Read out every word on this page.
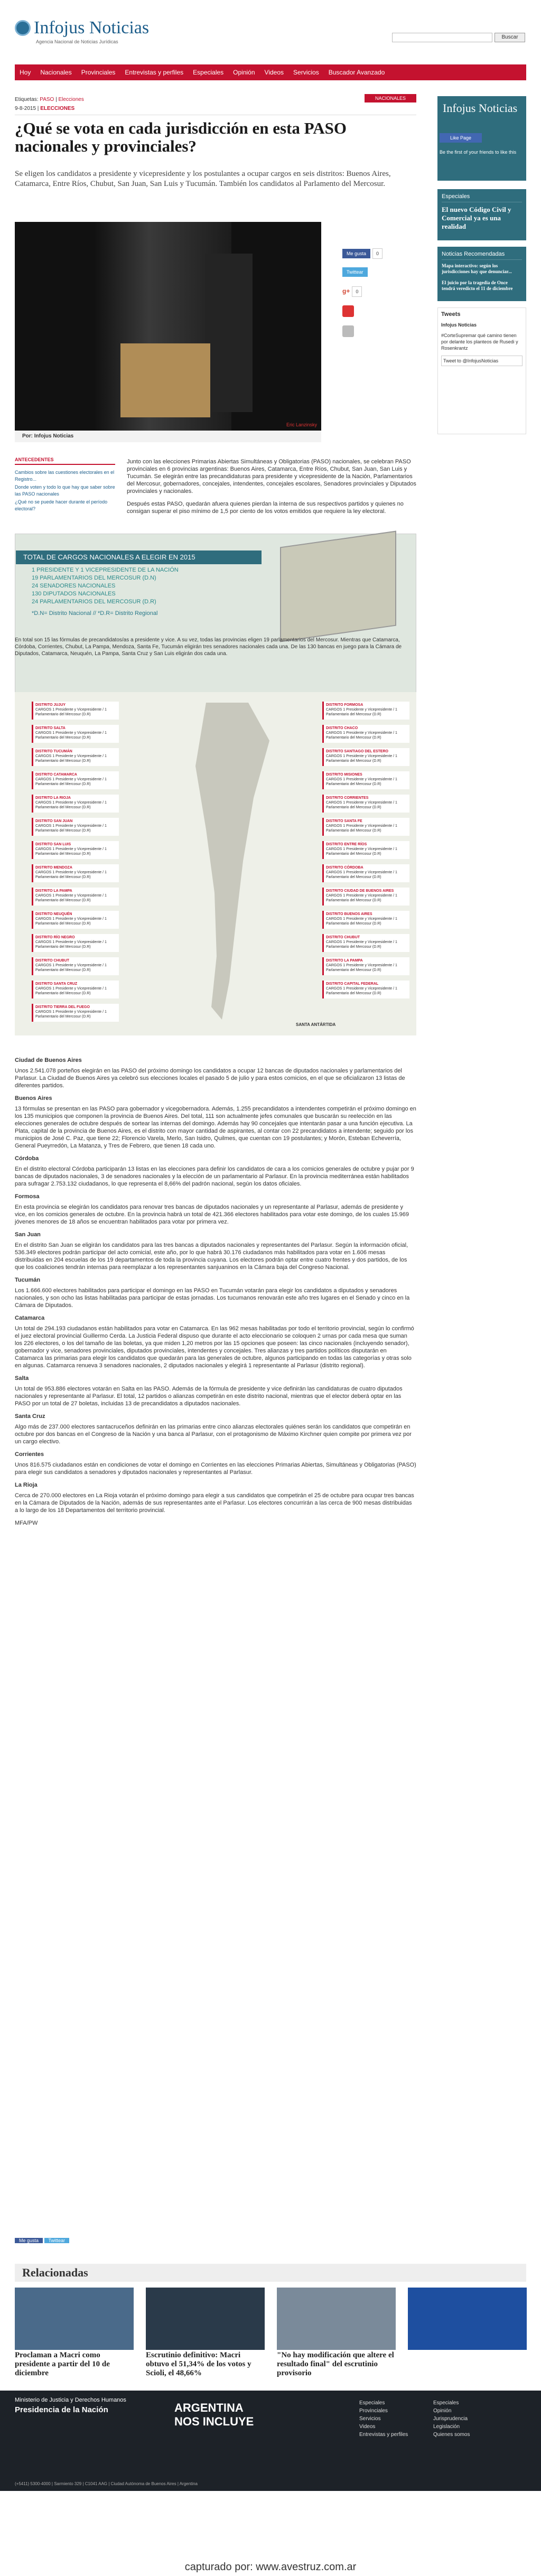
Infojus Noticias
Agencia Nacional de Noticias Jurídicas
Buscar
Hoy Nacionales Provinciales Entrevistas y perfiles Especiales Opinión Videos Servicios Buscador Avanzado
Etiquetas: PASO | Elecciones	NACIONALES
9-8-2015 | ELECCIONES
¿Qué se vota en cada jurisdicción en esta PASO nacionales y provinciales?
Se eligen los candidatos a presidente y vicepresidente y los postulantes a ocupar cargos en seis distritos: Buenos Aires, Catamarca, Entre Ríos, Chubut, San Juan, San Luis y Tucumán. También los candidatos al Parlamento del Mercosur.
Eric Lanzinsky
Por: Infojus Noticias
Me gusta 0
Twittear
g+ 0
ANTECEDENTES

Cambios sobre las cuestiones electorales en el Registro...

Donde voten y todo lo que hay que saber sobre las PASO nacionales

¿Qué no se puede hacer durante el período electoral?

Junto con las elecciones Primarias Abiertas Simultáneas y Obligatorias (PASO) nacionales, se celebran PASO provinciales en 6 provincias argentinas: Buenos Aires, Catamarca, Entre Ríos, Chubut, San Juan, San Luis y Tucumán. Se elegirán entre las precandidaturas para presidente y vicepresidente de la Nación, Parlamentarios del Mercosur, gobernadores, concejales, intendentes, concejales escolares, Senadores provinciales y Diputados provinciales y nacionales.

Después estas PASO, quedarán afuera quienes pierdan la interna de sus respectivos partidos y quienes no consigan superar el piso mínimo de 1,5 por ciento de los votos emitidos que requiere la ley electoral.

TOTAL DE CARGOS NACIONALES A ELEGIR EN 2015
1 PRESIDENTE Y 1 VICEPRESIDENTE DE LA NACIÓN
19 PARLAMENTARIOS DEL MERCOSUR (D.N)
24 SENADORES NACIONALES
130 DIPUTADOS NACIONALES
24 PARLAMENTARIOS DEL MERCOSUR (D.R)
*D.N= Distrito Nacional // *D.R= Distrito Regional
En total son 15 las fórmulas de precandidatos/as a presidente y vice. A su vez, todas las provincias eligen 19 parlamentarios del Mercosur. Mientras que Catamarca, Córdoba, Corrientes, Chubut, La Pampa, Mendoza, Santa Fe, Tucumán eligirán tres senadores nacionales cada una. De las 130 bancas en juego para la Cámara de Diputados, Catamarca, Neuquén, La Pampa, Santa Cruz y San Luis eligirán dos cada una.
SANTA ANTÁRTIDA
Ciudad de Buenos Aires

Unos 2.541.078 porteños elegirán en las PASO del próximo domingo los candidatos a ocupar 12 bancas de diputados nacionales y parlamentarios del Parlasur. La Ciudad de Buenos Aires ya celebró sus elecciones locales el pasado 5 de julio y para estos comicios, en el que se oficializaron 13 listas de diferentes partidos.

Buenos Aires

13 fórmulas se presentan en las PASO para gobernador y vicegobernadora. Además, 1.255 precandidatos a intendentes competirán el próximo domingo en los 135 municipios que componen la provincia de Buenos Aires. Del total, 111 son actualmente jefes comunales que buscarán su reelección en las elecciones generales de octubre después de sortear las internas del domingo. Además hay 90 concejales que intentarán pasar a una función ejecutiva. La Plata, capital de la provincia de Buenos Aires, es el distrito con mayor cantidad de aspirantes, al contar con 22 precandidatos a intendente; seguido por los municipios de José C. Paz, que tiene 22; Florencio Varela, Merlo, San Isidro, Quilmes, que cuentan con 19 postulantes; y Morón, Esteban Echeverría, General Pueyrredón, La Matanza, y Tres de Febrero, que tienen 18 cada uno.

Córdoba

En el distrito electoral Córdoba participarán 13 listas en las elecciones para definir los candidatos de cara a los comicios generales de octubre y pujar por 9 bancas de diputados nacionales, 3 de senadores nacionales y la elección de un parlamentario al Parlasur. En la provincia mediterránea están habilitados para sufragar 2.753.132 ciudadanos, lo que representa el 8,66% del padrón nacional, según los datos oficiales.

Formosa

En esta provincia se elegirán los candidatos para renovar tres bancas de diputados nacionales y un representante al Parlasur, además de presidente y vice, en los comicios generales de octubre. En la provincia habrá un total de 421.366 electores habilitados para votar este domingo, de los cuales 15.969 jóvenes menores de 18 años se encuentran habilitados para votar por primera vez.

San Juan

En el distrito San Juan se eligirán los candidatos para las tres bancas a diputados nacionales y representantes del Parlasur. Según la información oficial, 536.349 electores podrán participar del acto comicial, este año, por lo que habrá 30.176 ciudadanos más habilitados para votar en 1.606 mesas distribuidas en 204 escuelas de los 19 departamentos de toda la provincia cuyana. Los electores podrán optar entre cuatro frentes y dos partidos, de los que los coaliciones tendrán internas para reemplazar a los representantes sanjuaninos en la Cámara baja del Congreso Nacional.

Tucumán

Los 1.666.600 electores habilitados para participar el domingo en las PASO en Tucumán votarán para elegir los candidatos a diputados y senadores nacionales, y son ocho las listas habilitadas para participar de estas jornadas. Los tucumanos renovarán este año tres lugares en el Senado y cinco en la Cámara de Diputados.

Catamarca

Un total de 294.193 ciudadanos están habilitados para votar en Catamarca. En las 962 mesas habilitadas por todo el territorio provincial, según lo confirmó el juez electoral provincial Guillermo Cerda. La Justicia Federal dispuso que durante el acto eleccionario se coloquen 2 urnas por cada mesa que suman los 226 electores, o los del tamaño de las boletas, ya que miden 1,20 metros por las 15 opciones que poseen: las cinco nacionales (incluyendo senador), gobernador y vice, senadores provinciales, diputados provinciales, intendentes y concejales. Tres alianzas y tres partidos políticos disputarán en Catamarca las primarias para elegir los candidatos que quedarán para las generales de octubre, algunos participando en todas las categorías y otras solo en algunas. Catamarca renueva 3 senadores nacionales, 2 diputados nacionales y elegirá 1 representante al Parlasur (distrito regional).

Salta

Un total de 953.886 electores votarán en Salta en las PASO. Además de la fórmula de presidente y vice definirán las candidaturas de cuatro diputados nacionales y representante al Parlasur. El total, 12 partidos o alianzas competirán en este distrito nacional, mientras que el elector deberá optar en las PASO por un total de 27 boletas, incluidas 13 de precandidatos a diputados nacionales.

Santa Cruz

Algo más de 237.000 electores santacruceños definirán en las primarias entre cinco alianzas electorales quiénes serán los candidatos que competirán en octubre por dos bancas en el Congreso de la Nación y una banca al Parlasur, con el protagonismo de Máximo Kirchner quien compite por primera vez por un cargo electivo.

Corrientes

Unos 816.575 ciudadanos están en condiciones de votar el domingo en Corrientes en las elecciones Primarias Abiertas, Simultáneas y Obligatorias (PASO) para elegir sus candidatos a senadores y diputados nacionales y representantes al Parlasur.

La Rioja

Cerca de 270.000 electores en La Rioja votarán el próximo domingo para elegir a sus candidatos que competirán el 25 de octubre para ocupar tres bancas en la Cámara de Diputados de la Nación, además de sus representantes ante el Parlasur. Los electores concurrirán a las cerca de 900 mesas distribuidas a lo largo de los 18 Departamentos del territorio provincial.

MFA/PW

Me gusta Twittear
Relacionadas
Proclaman a Macri como presidente a partir del 10 de diciembre
Escrutinio definitivo: Macri obtuvo el 51,34% de los votos y Scioli, el 48,66%
"No hay modificación que altere el resultado final" del escrutinio provisorio
Ministerio de Justicia y Derechos Humanos
Presidencia de la Nación	ARGENTINA
NOS INCLUYE
Especiales
Provinciales
Servicios
Videos
Entrevistas y perfiles
Especiales
Opinión
Jurisprudencia
Legislación
Quienes somos
(+5411) 5300-4000 | Sarmiento 329 | C1041 AAG | Ciudad Autónoma de Buenos Aires | Argentina
capturado por: www.avestruz.com.ar
Infojus Noticias
Like Page
Be the first of your friends to like this
Especiales

El nuevo Código Civil y Comercial ya es una realidad

Noticias Recomendadas

Mapa interactivo: según los jurisdicciones hay que denunciar...

El juicio por la tragedia de Once tendrá veredicto el 11 de diciembre

Tweets

Infojus Noticias

#CorteSupremar qué camino tienen por delante los planteos de Rusedi y Rosenkrantz

Tweet to @InfojusNoticias

DISTRITO JUJUY
CARGOS 1 Presidente y Vicepresidente / 1 Parlamentario del Mercosur (D.R)
DISTRITO SALTA
CARGOS 1 Presidente y Vicepresidente / 1 Parlamentario del Mercosur (D.R)
DISTRITO TUCUMÁN
CARGOS 1 Presidente y Vicepresidente / 1 Parlamentario del Mercosur (D.R)
DISTRITO CATAMARCA
CARGOS 1 Presidente y Vicepresidente / 1 Parlamentario del Mercosur (D.R)
DISTRITO LA RIOJA
CARGOS 1 Presidente y Vicepresidente / 1 Parlamentario del Mercosur (D.R)
DISTRITO SAN JUAN
CARGOS 1 Presidente y Vicepresidente / 1 Parlamentario del Mercosur (D.R)
DISTRITO SAN LUIS
CARGOS 1 Presidente y Vicepresidente / 1 Parlamentario del Mercosur (D.R)
DISTRITO MENDOZA
CARGOS 1 Presidente y Vicepresidente / 1 Parlamentario del Mercosur (D.R)
DISTRITO LA PAMPA
CARGOS 1 Presidente y Vicepresidente / 1 Parlamentario del Mercosur (D.R)
DISTRITO NEUQUÉN
CARGOS 1 Presidente y Vicepresidente / 1 Parlamentario del Mercosur (D.R)
DISTRITO RÍO NEGRO
CARGOS 1 Presidente y Vicepresidente / 1 Parlamentario del Mercosur (D.R)
DISTRITO CHUBUT
CARGOS 1 Presidente y Vicepresidente / 1 Parlamentario del Mercosur (D.R)
DISTRITO SANTA CRUZ
CARGOS 1 Presidente y Vicepresidente / 1 Parlamentario del Mercosur (D.R)
DISTRITO TIERRA DEL FUEGO
CARGOS 1 Presidente y Vicepresidente / 1 Parlamentario del Mercosur (D.R)
DISTRITO FORMOSA
CARGOS 1 Presidente y Vicepresidente / 1 Parlamentario del Mercosur (D.R)
DISTRITO CHACO
CARGOS 1 Presidente y Vicepresidente / 1 Parlamentario del Mercosur (D.R)
DISTRITO SANTIAGO DEL ESTERO
CARGOS 1 Presidente y Vicepresidente / 1 Parlamentario del Mercosur (D.R)
DISTRITO MISIONES
CARGOS 1 Presidente y Vicepresidente / 1 Parlamentario del Mercosur (D.R)
DISTRITO CORRIENTES
CARGOS 1 Presidente y Vicepresidente / 1 Parlamentario del Mercosur (D.R)
DISTRITO SANTA FE
CARGOS 1 Presidente y Vicepresidente / 1 Parlamentario del Mercosur (D.R)
DISTRITO ENTRE RÍOS
CARGOS 1 Presidente y Vicepresidente / 1 Parlamentario del Mercosur (D.R)
DISTRITO CÓRDOBA
CARGOS 1 Presidente y Vicepresidente / 1 Parlamentario del Mercosur (D.R)
DISTRITO CIUDAD DE BUENOS AIRES
CARGOS 1 Presidente y Vicepresidente / 1 Parlamentario del Mercosur (D.R)
DISTRITO BUENOS AIRES
CARGOS 1 Presidente y Vicepresidente / 1 Parlamentario del Mercosur (D.R)
DISTRITO CHUBUT
CARGOS 1 Presidente y Vicepresidente / 1 Parlamentario del Mercosur (D.R)
DISTRITO LA PAMPA
CARGOS 1 Presidente y Vicepresidente / 1 Parlamentario del Mercosur (D.R)
DISTRITO CAPITAL FEDERAL
CARGOS 1 Presidente y Vicepresidente / 1 Parlamentario del Mercosur (D.R)
